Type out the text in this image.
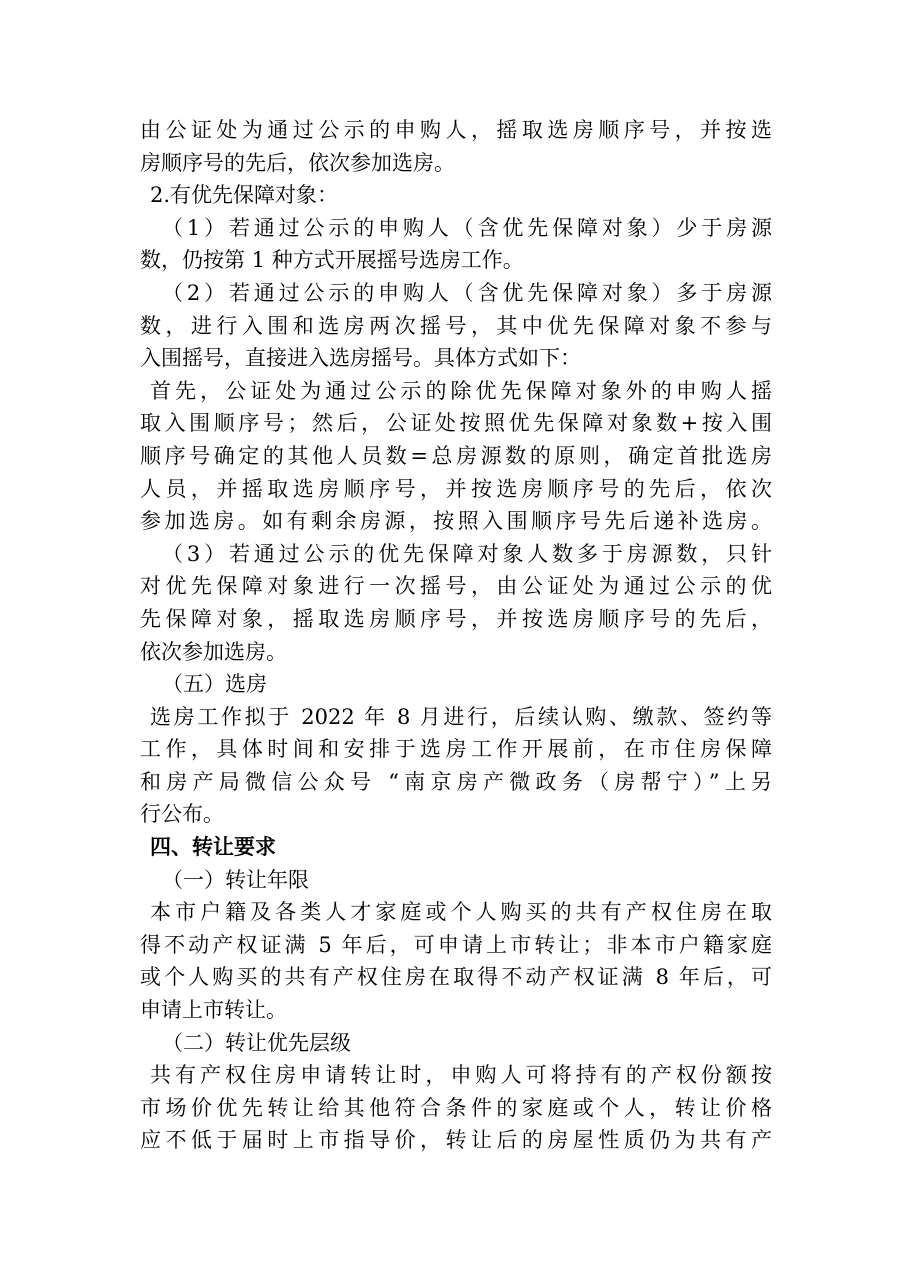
由公证处为通过公示的申购人，摇取选房顺序号，并按选
房顺序号的先后，依次参加选房。
2.有优先保障对象：
（1）若通过公示的申购人（含优先保障对象）少于房源
数，仍按第 1 种方式开展摇号选房工作。
（2）若通过公示的申购人（含优先保障对象）多于房源
数，进行入围和选房两次摇号，其中优先保障对象不参与
入围摇号，直接进入选房摇号。具体方式如下：
首先，公证处为通过公示的除优先保障对象外的申购人摇
取入围顺序号；然后，公证处按照优先保障对象数+按入围
顺序号确定的其他人员数=总房源数的原则，确定首批选房
人员，并摇取选房顺序号，并按选房顺序号的先后，依次
参加选房。如有剩余房源，按照入围顺序号先后递补选房。
（3）若通过公示的优先保障对象人数多于房源数，只针
对优先保障对象进行一次摇号，由公证处为通过公示的优
先保障对象，摇取选房顺序号，并按选房顺序号的先后，
依次参加选房。
（五）选房
选房工作拟于 2022 年 8 月进行，后续认购、缴款、签约等
工作，具体时间和安排于选房工作开展前，在市住房保障
和房产局微信公众号 “南京房产微政务（房帮宁）”上另
行公布。
四、转让要求
（一）转让年限
本市户籍及各类人才家庭或个人购买的共有产权住房在取
得不动产权证满 5 年后，可申请上市转让；非本市户籍家庭
或个人购买的共有产权住房在取得不动产权证满 8 年后，可
申请上市转让。
（二）转让优先层级
共有产权住房申请转让时，申购人可将持有的产权份额按
市场价优先转让给其他符合条件的家庭或个人，转让价格
应不低于届时上市指导价，转让后的房屋性质仍为共有产
